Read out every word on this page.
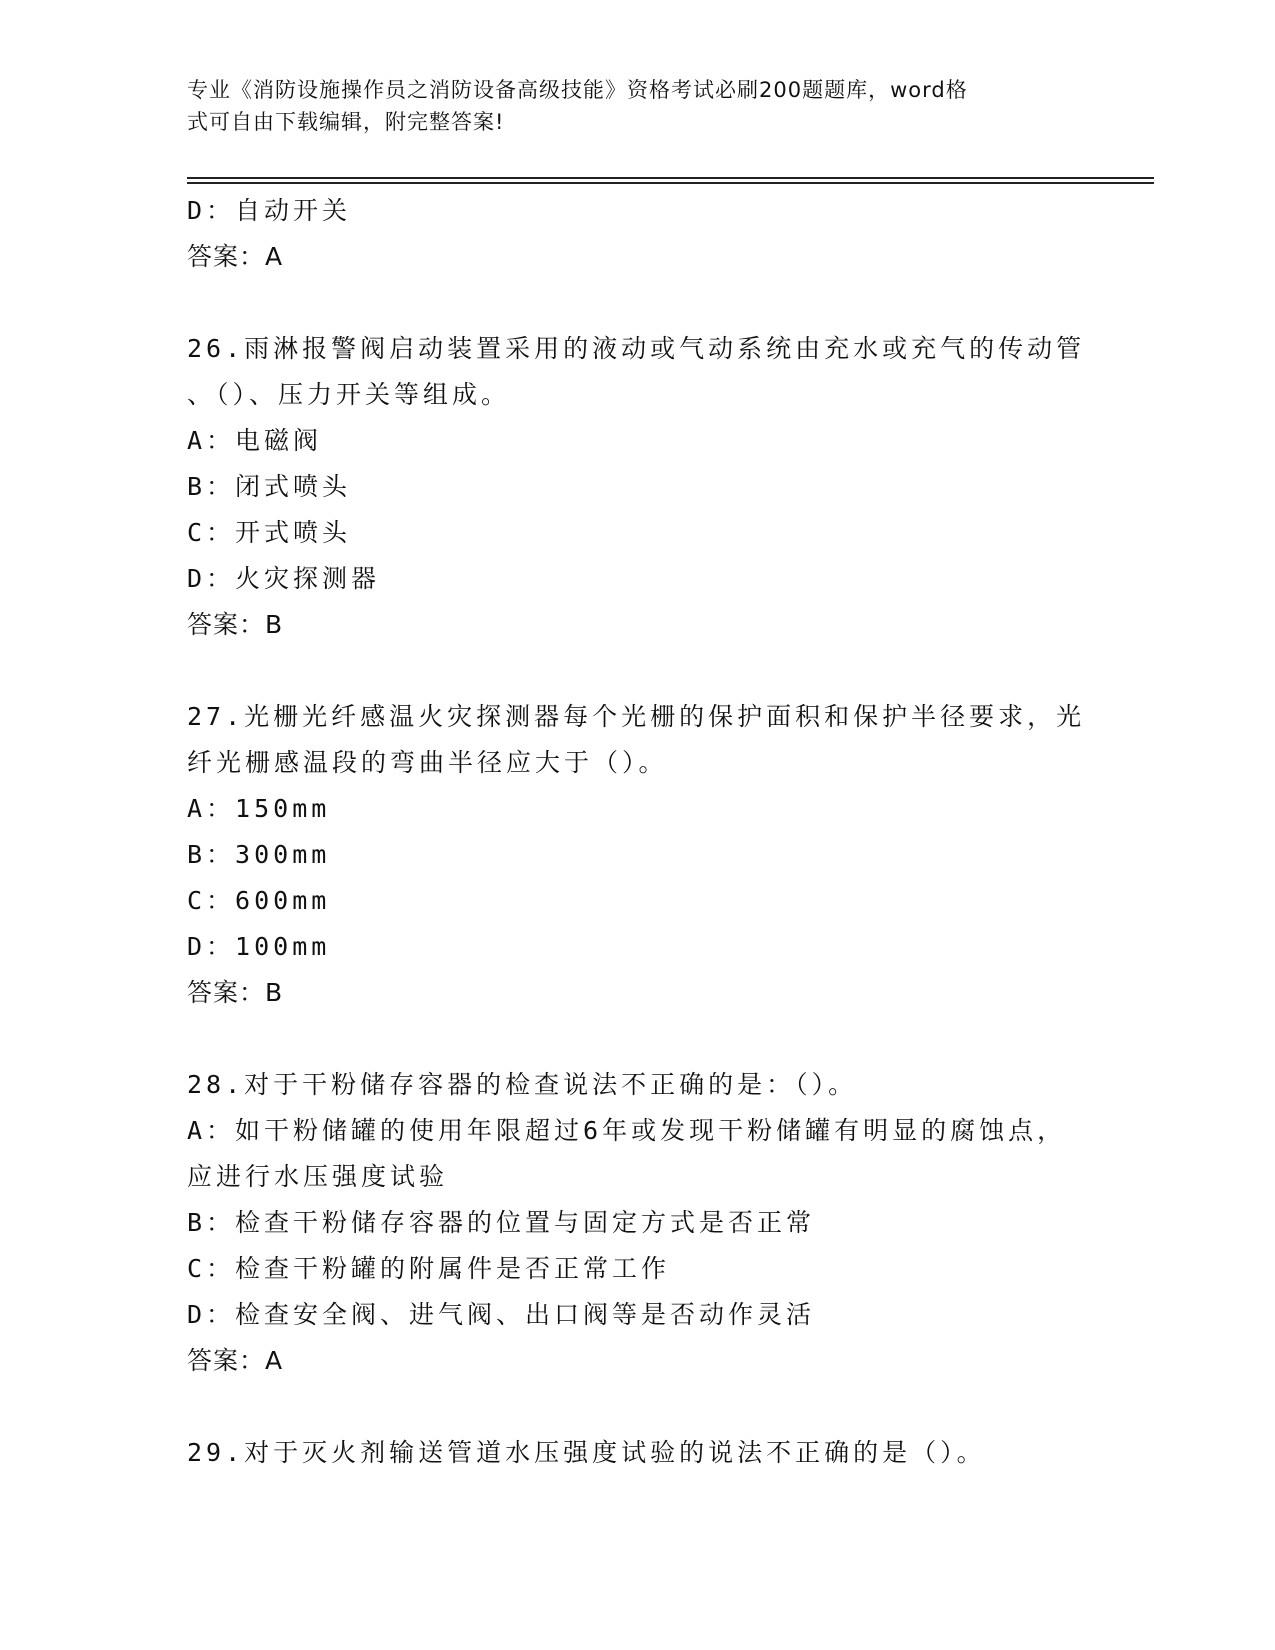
专业《消防设施操作员之消防设备高级技能》资格考试必刷200题题库，word格
式可自由下载编辑，附完整答案!
D：自动开关
答案：A
26.雨淋报警阀启动装置采用的液动或气动系统由充水或充气的传动管
、（）、压力开关等组成。
A：电磁阀
B：闭式喷头
C：开式喷头
D：火灾探测器
答案：B
27.光栅光纤感温火灾探测器每个光栅的保护面积和保护半径要求，光
纤光栅感温段的弯曲半径应大于（）。
A：150mm
B：300mm
C：600mm
D：100mm
答案：B
28.对于干粉储存容器的检查说法不正确的是：（）。
A：如干粉储罐的使用年限超过6年或发现干粉储罐有明显的腐蚀点，
应进行水压强度试验
B：检查干粉储存容器的位置与固定方式是否正常
C：检查干粉罐的附属件是否正常工作
D：检查安全阀、进气阀、出口阀等是否动作灵活
答案：A
29.对于灭火剂输送管道水压强度试验的说法不正确的是（）。
